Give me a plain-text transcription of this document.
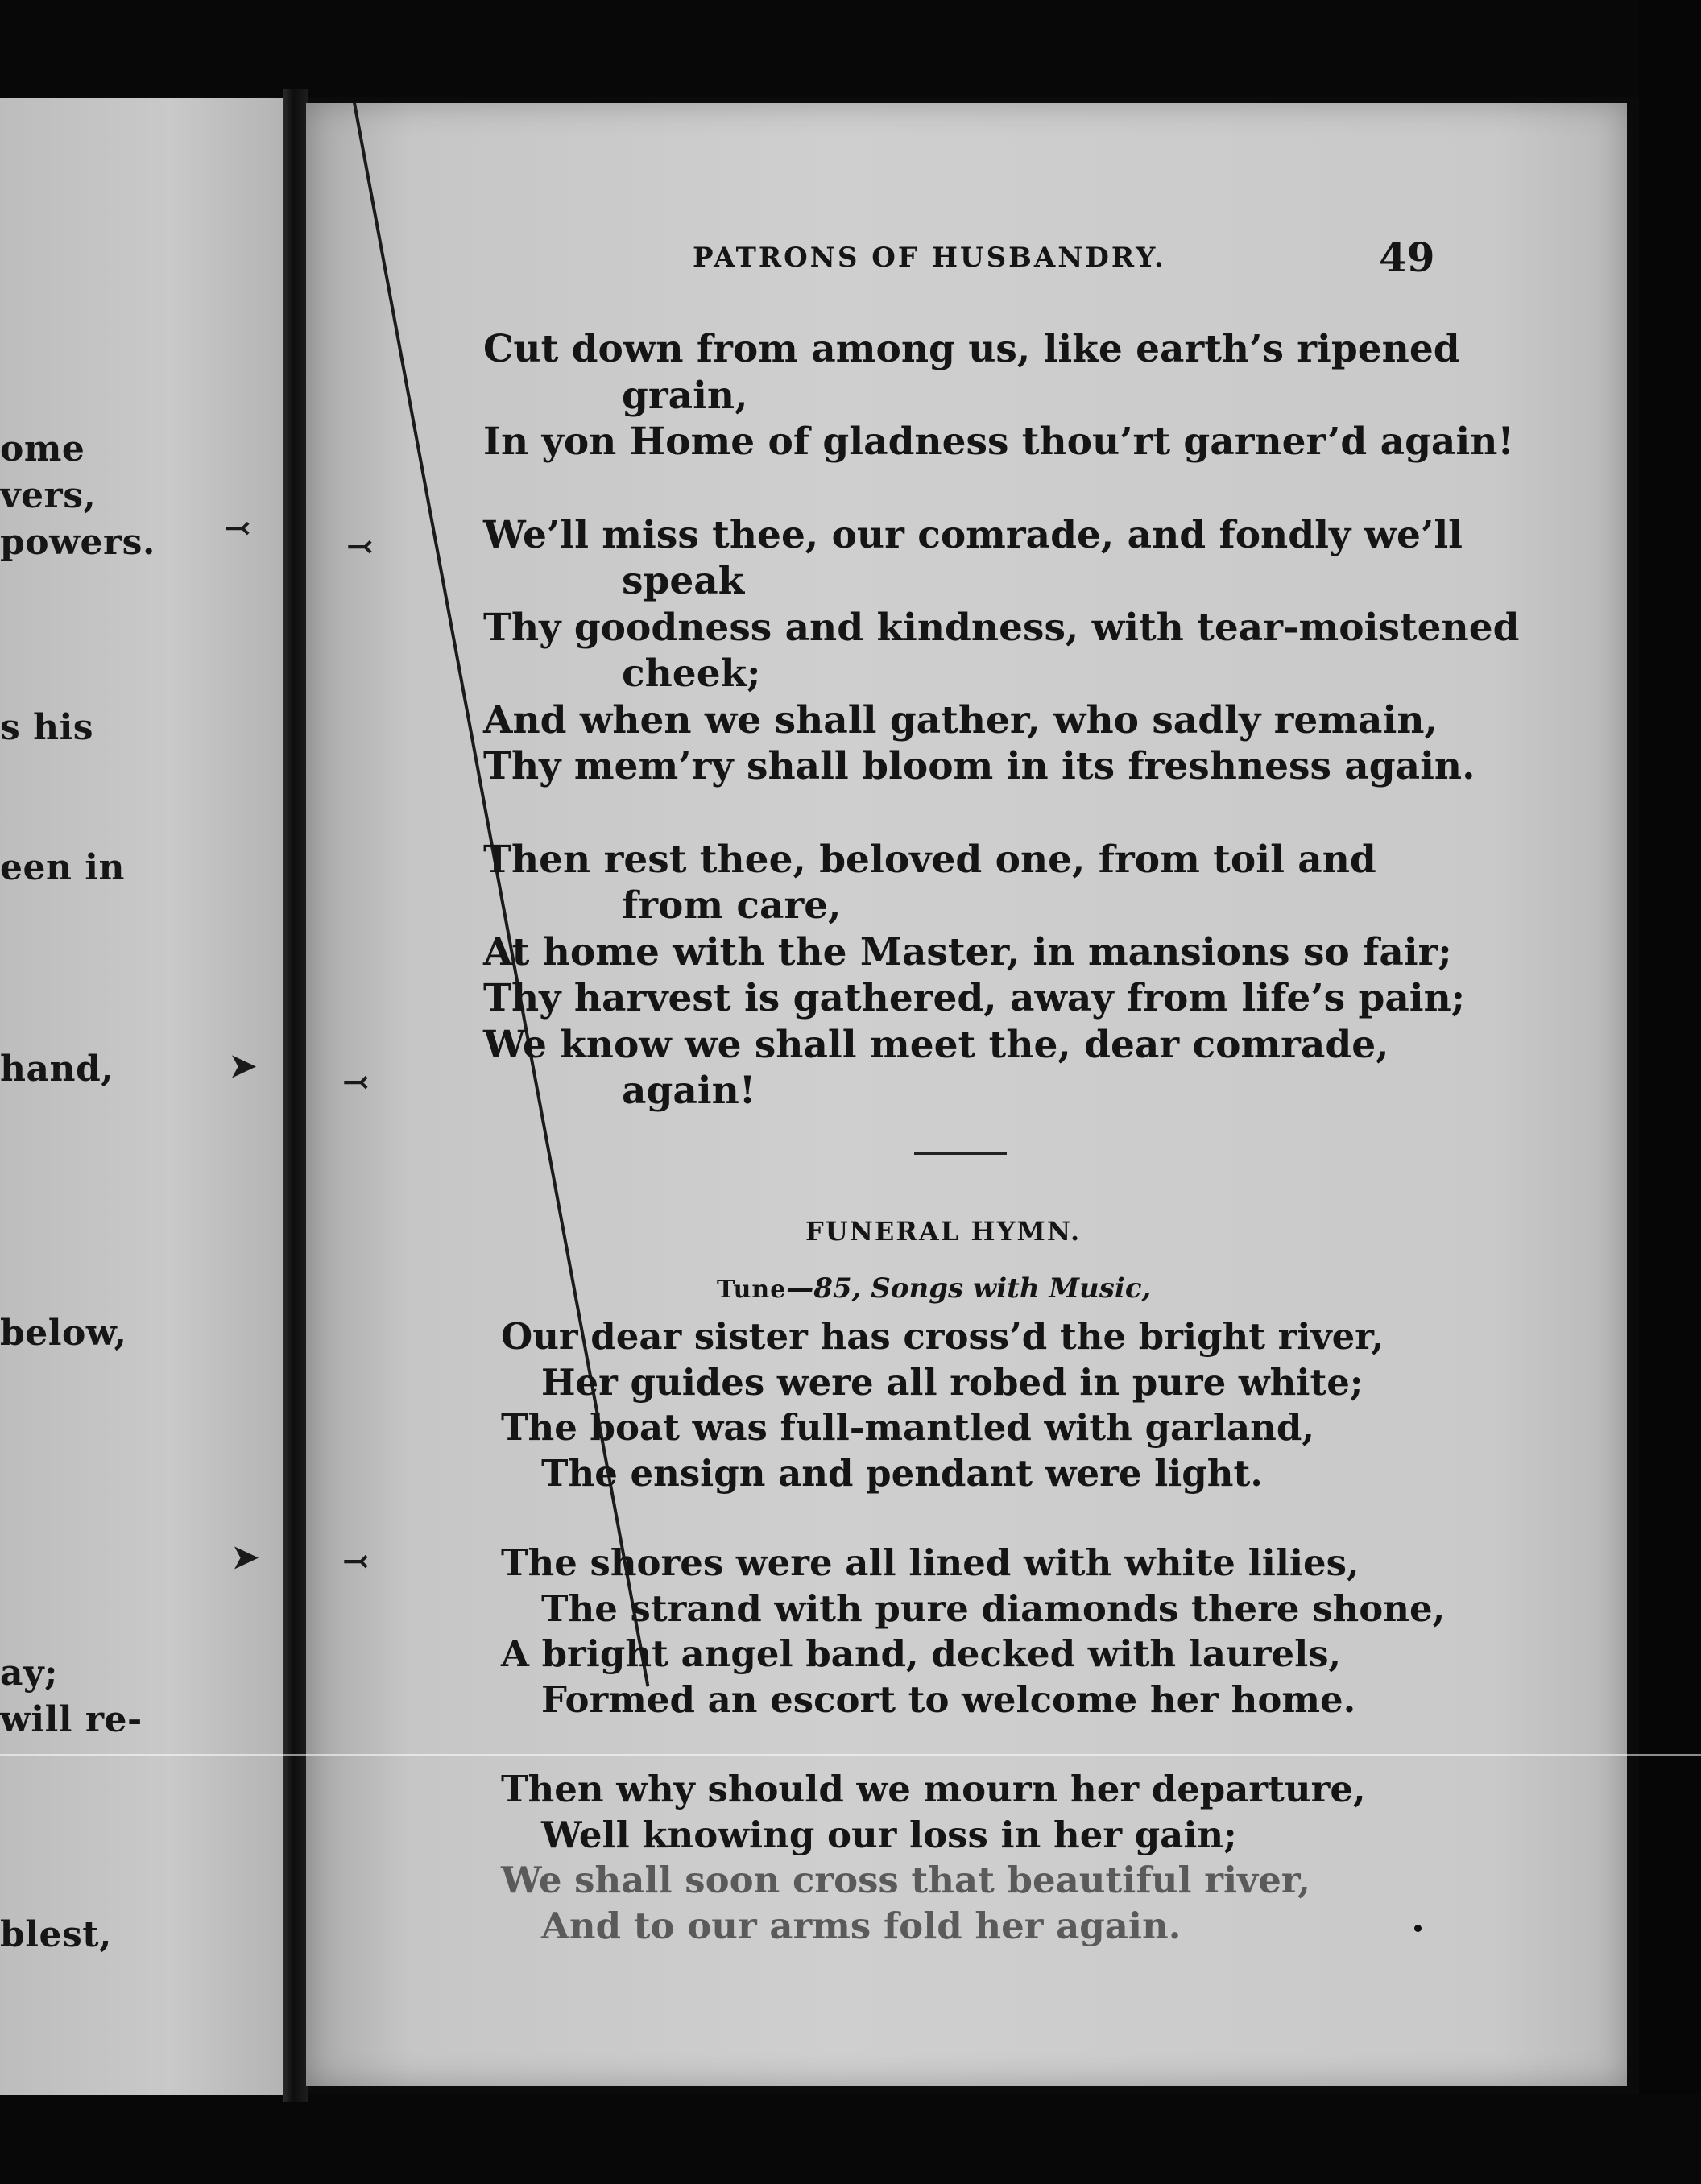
ome
vers,
powers.
s his
een in
hand,
below,
ay;
will re-
blest,
⤙
➤
➤
⤙
⤙
⤙
PATRONS OF HUSBANDRY.	49
Cut down from among us, like earth’s ripened
grain,
In yon Home of gladness thou’rt garner’d again!
We’ll miss thee, our comrade, and fondly we’ll
speak
Thy goodness and kindness, with tear-moistened
cheek;
And when we shall gather, who sadly remain,
Thy mem’ry shall bloom in its freshness again.
Then rest thee, beloved one, from toil and
from care,
At home with the Master, in mansions so fair;
Thy harvest is gathered, away from life’s pain;
We know we shall meet the, dear comrade,
again!
FUNERAL HYMN.
Tune—85, Songs with Music,
Our dear sister has cross’d the bright river,
Her guides were all robed in pure white;
The boat was full-mantled with garland,
The ensign and pendant were light.
The shores were all lined with white lilies,
The strand with pure diamonds there shone,
A bright angel band, decked with laurels,
Formed an escort to welcome her home.
Then why should we mourn her departure,
Well knowing our loss in her gain;
We shall soon cross that beautiful river,
And to our arms fold her again.
